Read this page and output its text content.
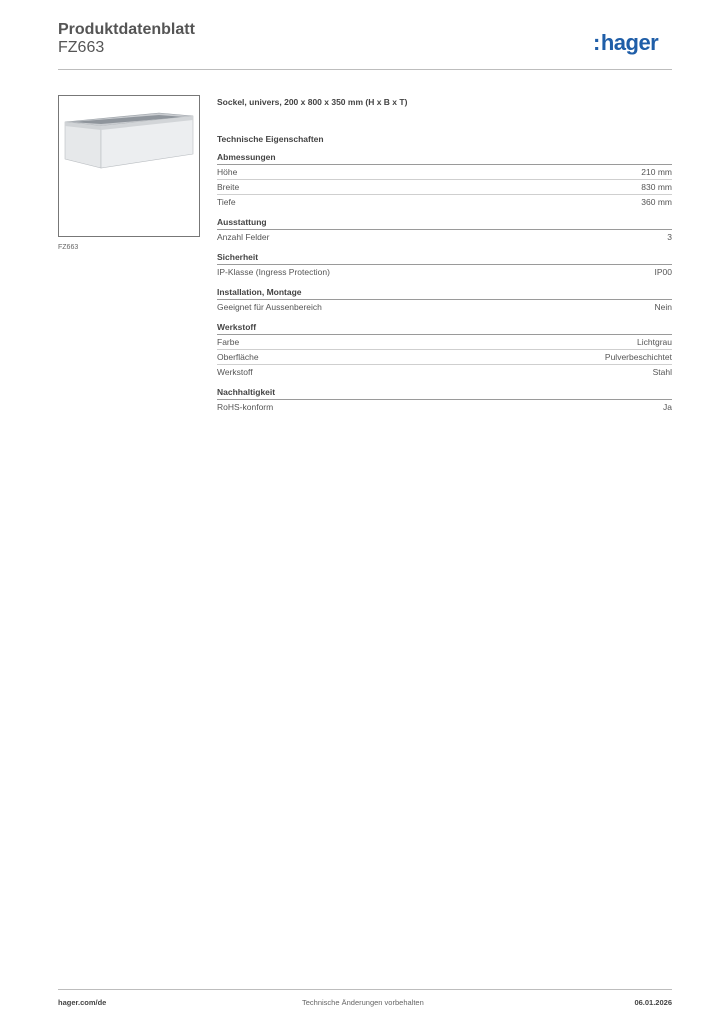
Produktdatenblatt
FZ663	:hager
FZ663
Sockel, univers, 200 x 800 x 350 mm (H x B x T)
Technische Eigenschaften
Abmessungen
Höhe	210 mm
Breite	830 mm
Tiefe	360 mm
Ausstattung
Anzahl Felder	3
Sicherheit
IP-Klasse (Ingress Protection)	IP00
Installation, Montage
Geeignet für Aussenbereich	Nein
Werkstoff
Farbe	Lichtgrau
Oberfläche	Pulverbeschichtet
Werkstoff	Stahl
Nachhaltigkeit
RoHS-konform	Ja
hager.com/de	Technische Änderungen vorbehalten	06.01.2026
